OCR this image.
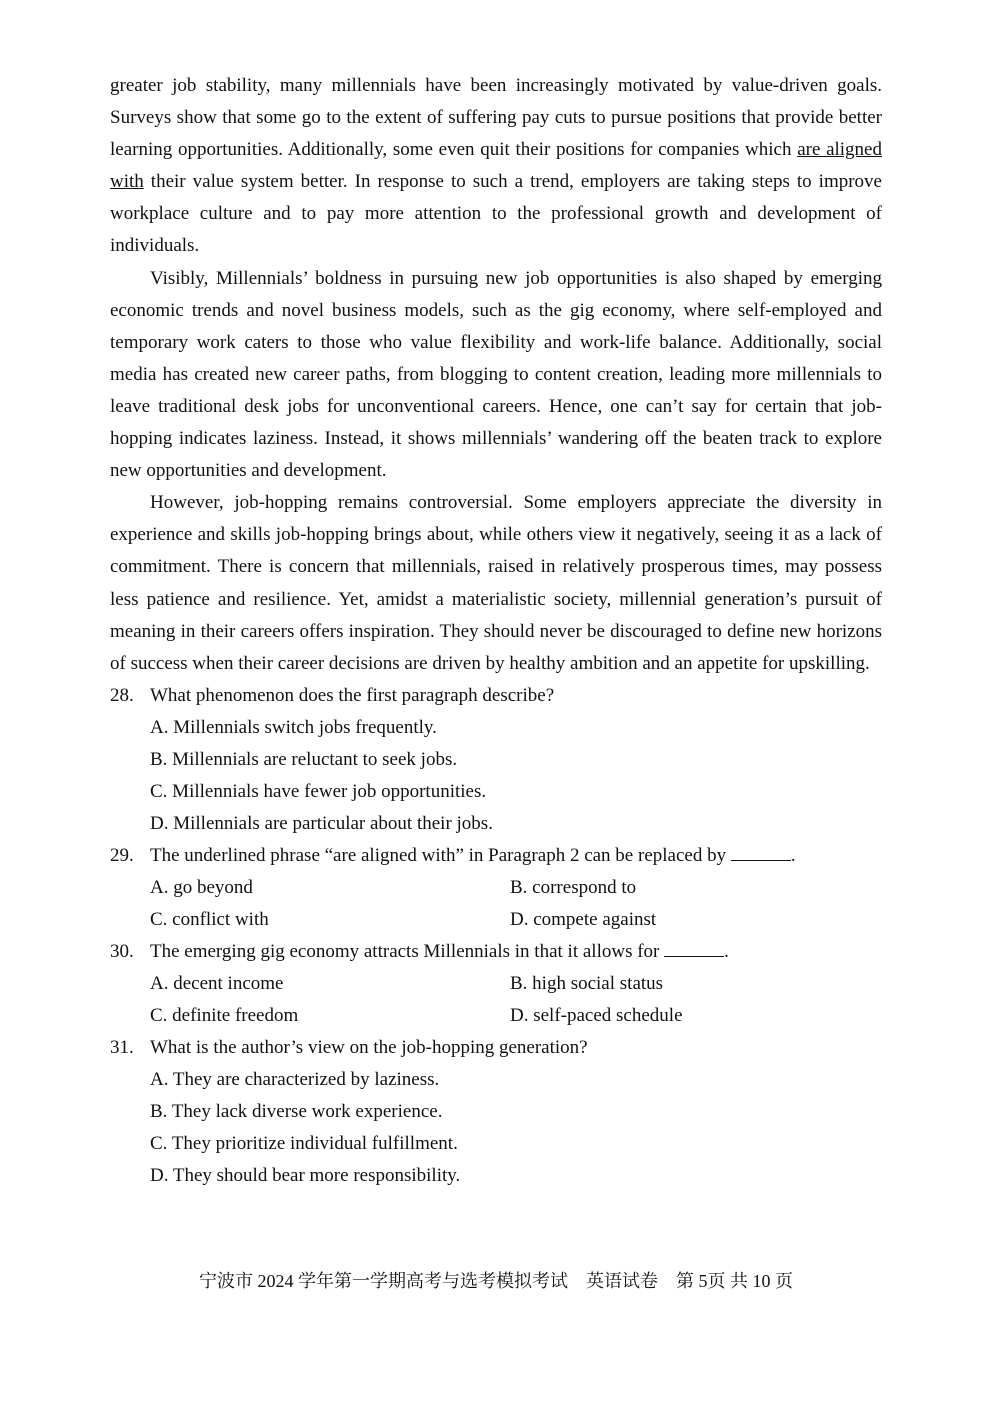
greater job stability, many millennials have been increasingly motivated by value-driven goals. Surveys show that some go to the extent of suffering pay cuts to pursue positions that provide better learning opportunities. Additionally, some even quit their positions for companies which are aligned with their value system better. In response to such a trend, employers are taking steps to improve workplace culture and to pay more attention to the professional growth and development of individuals.

Visibly, Millennials’ boldness in pursuing new job opportunities is also shaped by emerging economic trends and novel business models, such as the gig economy, where self-employed and temporary work caters to those who value flexibility and work-life balance. Additionally, social media has created new career paths, from blogging to content creation, leading more millennials to leave traditional desk jobs for unconventional careers. Hence, one can’t say for certain that job-hopping indicates laziness. Instead, it shows millennials’ wandering off the beaten track to explore new opportunities and development.

However, job-hopping remains controversial. Some employers appreciate the diversity in experience and skills job-hopping brings about, while others view it negatively, seeing it as a lack of commitment. There is concern that millennials, raised in relatively prosperous times, may possess less patience and resilience. Yet, amidst a materialistic society, millennial generation’s pursuit of meaning in their careers offers inspiration. They should never be discouraged to define new horizons of success when their career decisions are driven by healthy ambition and an appetite for upskilling.

28. What phenomenon does the first paragraph describe?

A. Millennials switch jobs frequently.

B. Millennials are reluctant to seek jobs.

C. Millennials have fewer job opportunities.

D. Millennials are particular about their jobs.

29. The underlined phrase “are aligned with” in Paragraph 2 can be replaced by	.

A. go beyond	B. correspond to
C. conflict with	D. compete against

30. The emerging gig economy attracts Millennials in that it allows for	.

A. decent income	B. high social status
C. definite freedom	D. self-paced schedule

31. What is the author’s view on the job-hopping generation?

A. They are characterized by laziness.

B. They lack diverse work experience.

C. They prioritize individual fulfillment.

D. They should bear more responsibility.

宁波市 2024 学年第一学期高考与选考模拟考试　英语试卷　第 5页 共 10 页
